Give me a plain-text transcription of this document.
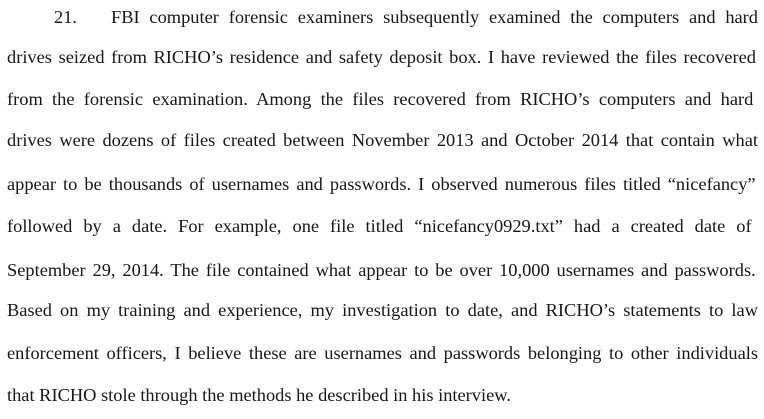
21. FBI computer forensic examiners subsequently examined the computers and hard
drives seized from RICHO’s residence and safety deposit box. I have reviewed the files recovered
from the forensic examination. Among the files recovered from RICHO’s computers and hard
drives were dozens of files created between November 2013 and October 2014 that contain what
appear to be thousands of usernames and passwords. I observed numerous files titled “nicefancy”
followed by a date. For example, one file titled “nicefancy0929.txt” had a created date of
September 29, 2014. The file contained what appear to be over 10,000 usernames and passwords.
Based on my training and experience, my investigation to date, and RICHO’s statements to law
enforcement officers, I believe these are usernames and passwords belonging to other individuals
that RICHO stole through the methods he described in his interview.
